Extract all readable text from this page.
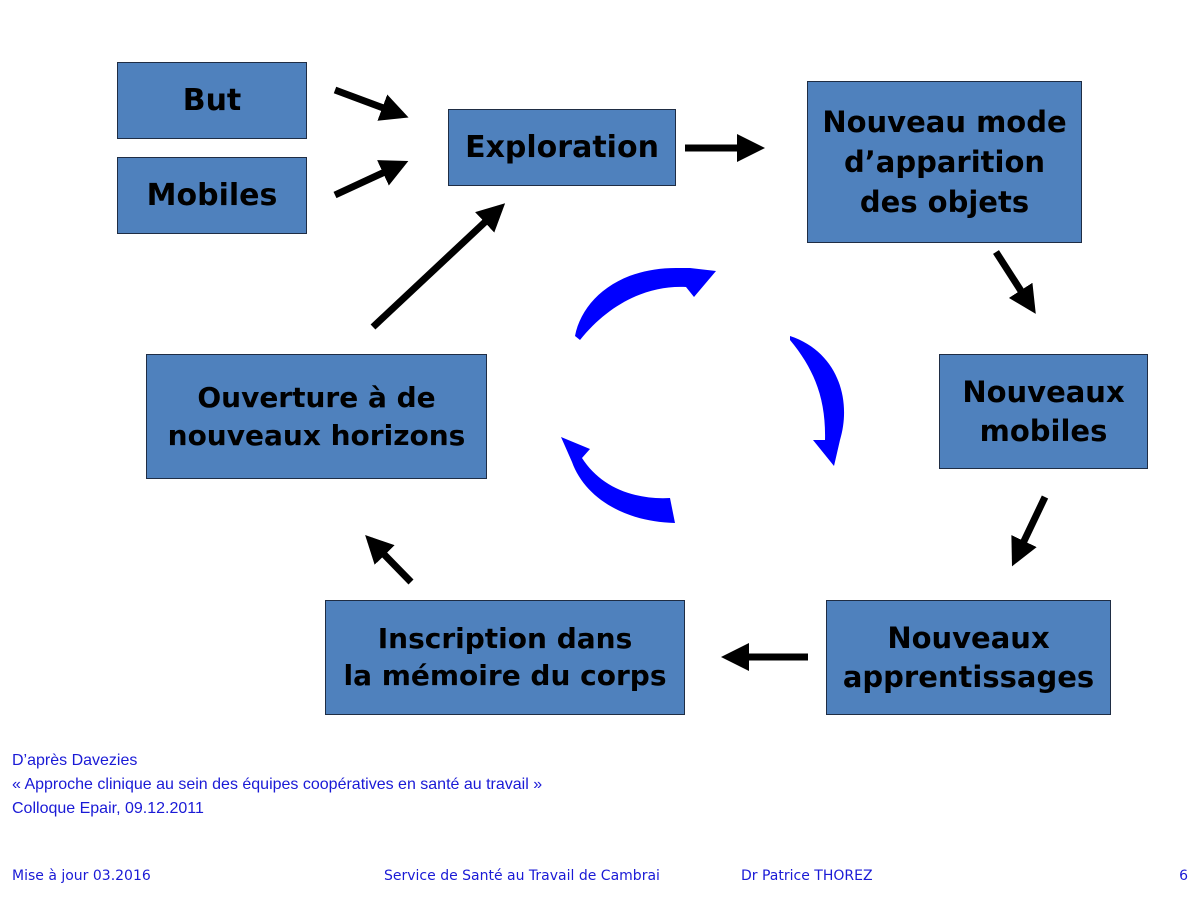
But
Mobiles
Exploration
Nouveau mode
d’apparition
des objets
Nouveaux
mobiles
Nouveaux
apprentissages
Inscription dans
la mémoire du corps
Ouverture à de
nouveaux horizons
D’après Davezies
« Approche clinique au sein des équipes coopératives en santé au travail »
Colloque Epair, 09.12.2011
Mise à jour 03.2016	Service de Santé au Travail de Cambrai	Dr Patrice THOREZ	6
